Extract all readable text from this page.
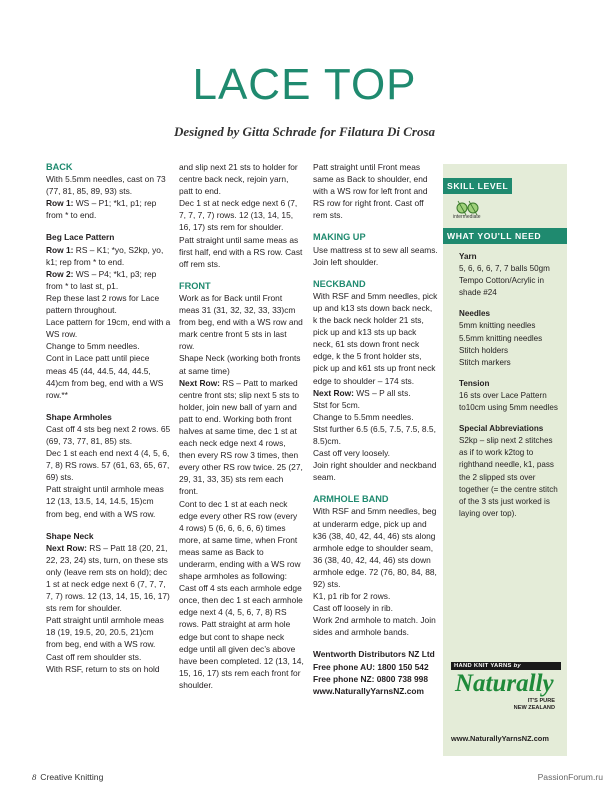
LACE TOP
Designed by Gitta Schrade for Filatura Di Crosa

BACK

With 5.5mm needles, cast on 73 (77, 81, 85, 89, 93) sts.

Row 1: WS – P1; *k1, p1; rep from * to end.

Beg Lace Pattern

Row 1: RS – K1; *yo, S2kp, yo, k1; rep from * to end.

Row 2: WS – P4; *k1, p3; rep from * to last st, p1.

Rep these last 2 rows for Lace pattern throughout.

Lace pattern for 19cm, end with a WS row.

Change to 5mm needles.

Cont in Lace patt until piece meas 45 (44, 44.5, 44, 44.5, 44)cm from beg, end with a WS row.**

Shape Armholes

Cast off 4 sts beg next 2 rows. 65 (69, 73, 77, 81, 85) sts.

Dec 1 st each end next 4 (4, 5, 6, 7, 8) RS rows. 57 (61, 63, 65, 67, 69) sts.

Patt straight until armhole meas 12 (13, 13.5, 14, 14.5, 15)cm from beg, end with a WS row.

Shape Neck

Next Row: RS – Patt 18 (20, 21, 22, 23, 24) sts, turn, on these sts only (leave rem sts on hold); dec 1 st at neck edge next 6 (7, 7, 7, 7, 7) rows. 12 (13, 14, 15, 16, 17) sts rem for shoulder.

Patt straight until armhole meas 18 (19, 19.5, 20, 20.5, 21)cm from beg, end with a WS row.

Cast off rem shoulder sts.

With RSF, return to sts on hold

and slip next 21 sts to holder for centre back neck, rejoin yarn, patt to end.

Dec 1 st at neck edge next 6 (7, 7, 7, 7, 7) rows. 12 (13, 14, 15, 16, 17) sts rem for shoulder.

Patt straight until same meas as first half, end with a RS row. Cast off rem sts.

FRONT

Work as for Back until Front meas 31 (31, 32, 32, 33, 33)cm from beg, end with a WS row and mark centre front 5 sts in last row.

Shape Neck (working both fronts at same time)

Next Row: RS – Patt to marked centre front sts; slip next 5 sts to holder, join new ball of yarn and patt to end. Working both front halves at same time, dec 1 st at each neck edge next 4 rows, then every RS row 3 times, then every other RS row twice. 25 (27, 29, 31, 33, 35) sts rem each front.

Cont to dec 1 st at each neck edge every other RS row (every 4 rows) 5 (6, 6, 6, 6, 6) times more, at same time, when Front meas same as Back to underarm, ending with a WS row shape armholes as following: Cast off 4 sts each armhole edge once, then dec 1 st each armhole edge next 4 (4, 5, 6, 7, 8) RS rows. Patt straight at arm hole edge but cont to shape neck edge until all given dec’s above have been completed. 12 (13, 14, 15, 16, 17) sts rem each front for shoulder.

Patt straight until Front meas same as Back to shoulder, end with a WS row for left front and RS row for right front. Cast off rem sts.

MAKING UP

Use mattress st to sew all seams. Join left shoulder.

NECKBAND

With RSF and 5mm needles, pick up and k13 sts down back neck, k the back neck holder 21 sts, pick up and k13 sts up back neck, 61 sts down front neck edge, k the 5 front holder sts, pick up and k61 sts up front neck edge to shoulder – 174 sts.

Next Row: WS – P all sts.

Stst for 5cm.

Change to 5.5mm needles.

Stst further 6.5 (6.5, 7.5, 7.5, 8.5, 8.5)cm.

Cast off very loosely.

Join right shoulder and neckband seam.

ARMHOLE BAND

With RSF and 5mm needles, beg at underarm edge, pick up and k36 (38, 40, 42, 44, 46) sts along armhole edge to shoulder seam, 36 (38, 40, 42, 44, 46) sts down armhole edge. 72 (76, 80, 84, 88, 92) sts.

K1, p1 rib for 2 rows.

Cast off loosely in rib.

Work 2nd armhole to match. Join sides and armhole bands.

Wentworth Distributors NZ Ltd

Free phone AU: 1800 150 542

Free phone NZ: 0800 738 998

www.NaturallyYarnsNZ.com

SKILL LEVEL

intermediate

WHAT YOU'LL NEED

Yarn

5, 6, 6, 6, 7, 7 balls 50gm Tempo Cotton/Acrylic in shade #24

Needles

5mm knitting needles

5.5mm knitting needles

Stitch holders

Stitch markers

Tension

16 sts over Lace Pattern to10cm using 5mm needles

Special Abbreviations

S2kp – slip next 2 stitches as if to work k2tog to righthand needle, k1, pass the 2 slipped sts over together (= the centre stitch of the 3 sts just worked is laying over top).

HAND KNIT YARNS by
Naturally
IT'S PURE
NEW ZEALAND
www.NaturallyYarnsNZ.com
8 Creative Knitting	PassionForum.ru
